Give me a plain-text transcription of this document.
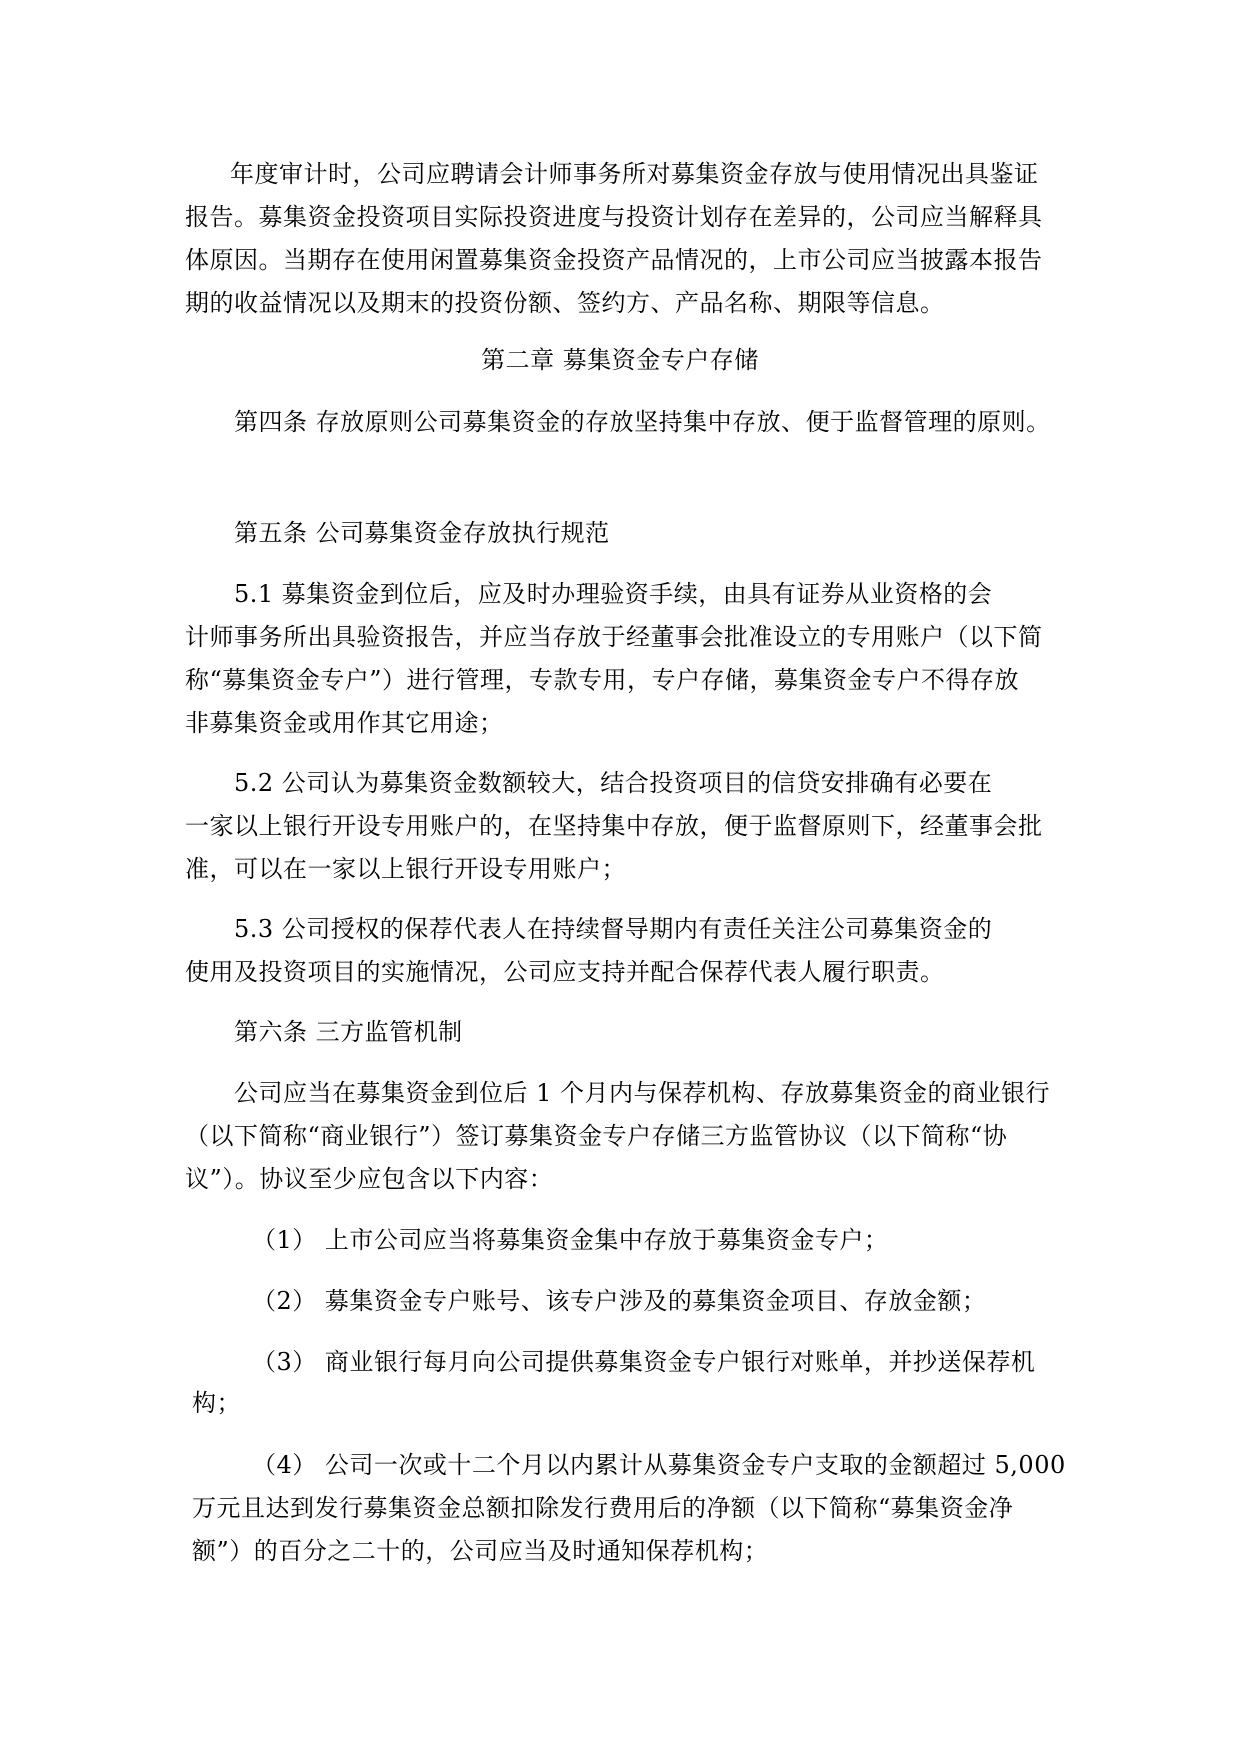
年度审计时，公司应聘请会计师事务所对募集资金存放与使用情况出具鉴证
报告。募集资金投资项目实际投资进度与投资计划存在差异的，公司应当解释具
体原因。当期存在使用闲置募集资金投资产品情况的，上市公司应当披露本报告
期的收益情况以及期末的投资份额、签约方、产品名称、期限等信息。
第二章 募集资金专户存储
第四条 存放原则公司募集资金的存放坚持集中存放、便于监督管理的原则。
第五条 公司募集资金存放执行规范
5.1 募集资金到位后，应及时办理验资手续，由具有证券从业资格的会
计师事务所出具验资报告，并应当存放于经董事会批准设立的专用账户（以下简
称“募集资金专户”）进行管理，专款专用，专户存储，募集资金专户不得存放
非募集资金或用作其它用途；
5.2 公司认为募集资金数额较大，结合投资项目的信贷安排确有必要在
一家以上银行开设专用账户的，在坚持集中存放，便于监督原则下，经董事会批
准，可以在一家以上银行开设专用账户；
5.3 公司授权的保荐代表人在持续督导期内有责任关注公司募集资金的
使用及投资项目的实施情况，公司应支持并配合保荐代表人履行职责。
第六条 三方监管机制
公司应当在募集资金到位后 1 个月内与保荐机构、存放募集资金的商业银行
（以下简称“商业银行”）签订募集资金专户存储三方监管协议（以下简称“协
议”）。协议至少应包含以下内容：
（1） 上市公司应当将募集资金集中存放于募集资金专户；
（2） 募集资金专户账号、该专户涉及的募集资金项目、存放金额；
（3） 商业银行每月向公司提供募集资金专户银行对账单，并抄送保荐机
构；
（4） 公司一次或十二个月以内累计从募集资金专户支取的金额超过 5,000
万元且达到发行募集资金总额扣除发行费用后的净额（以下简称“募集资金净
额”）的百分之二十的，公司应当及时通知保荐机构；
